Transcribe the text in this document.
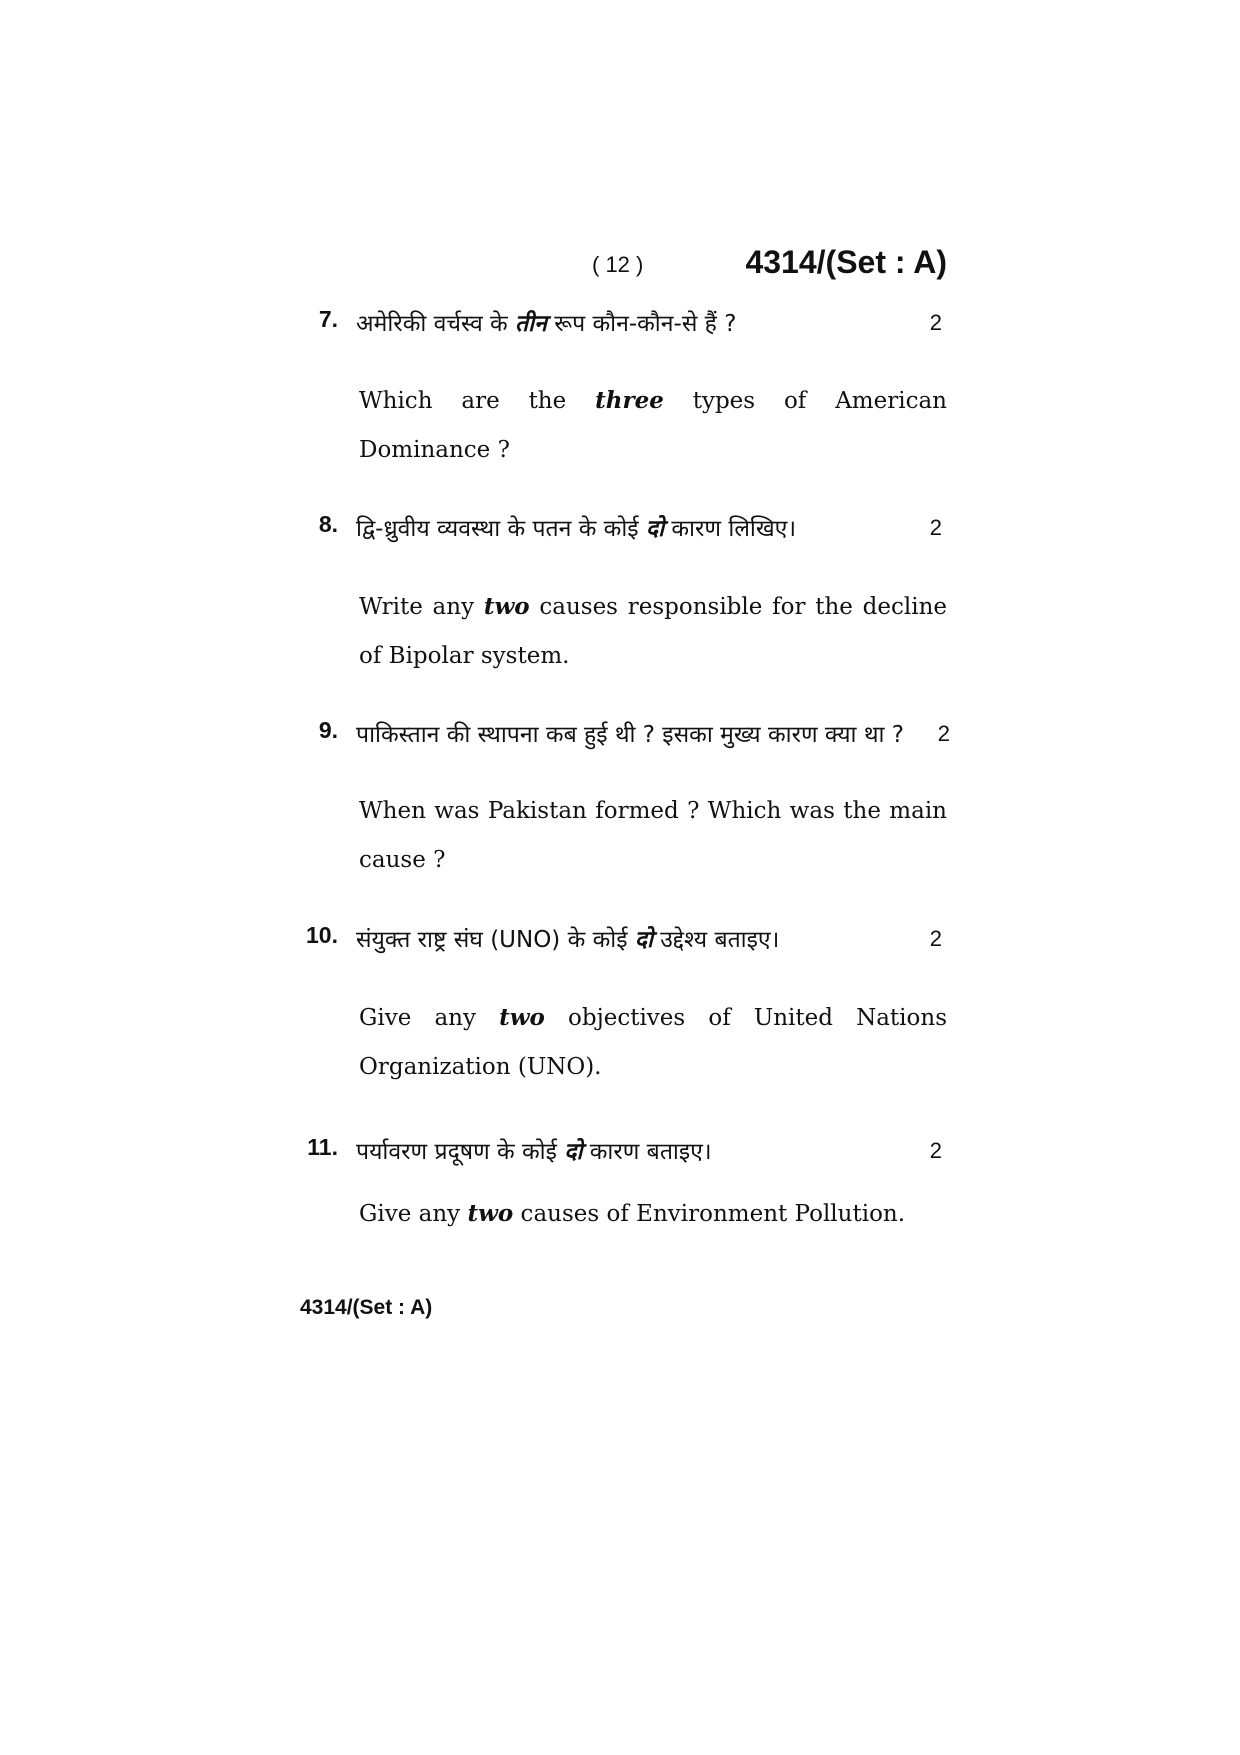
( 12 )	4314/(Set : A)
7. अमेरिकी वर्चस्व के तीन रूप कौन-कौन-से हैं ?	2
Which are the three types of American Dominance ?
8. द्वि-ध्रुवीय व्यवस्था के पतन के कोई दो कारण लिखिए।	2
Write any two causes responsible for the decline of Bipolar system.
9. पाकिस्तान की स्थापना कब हुई थी ? इसका मुख्य कारण क्या था ?	2
When was Pakistan formed ? Which was the main cause ?
10. संयुक्त राष्ट्र संघ (UNO) के कोई दो उद्देश्य बताइए।	2
Give any two objectives of United Nations Organization (UNO).
11. पर्यावरण प्रदूषण के कोई दो कारण बताइए।	2
Give any two causes of Environment Pollution.
4314/(Set : A)
